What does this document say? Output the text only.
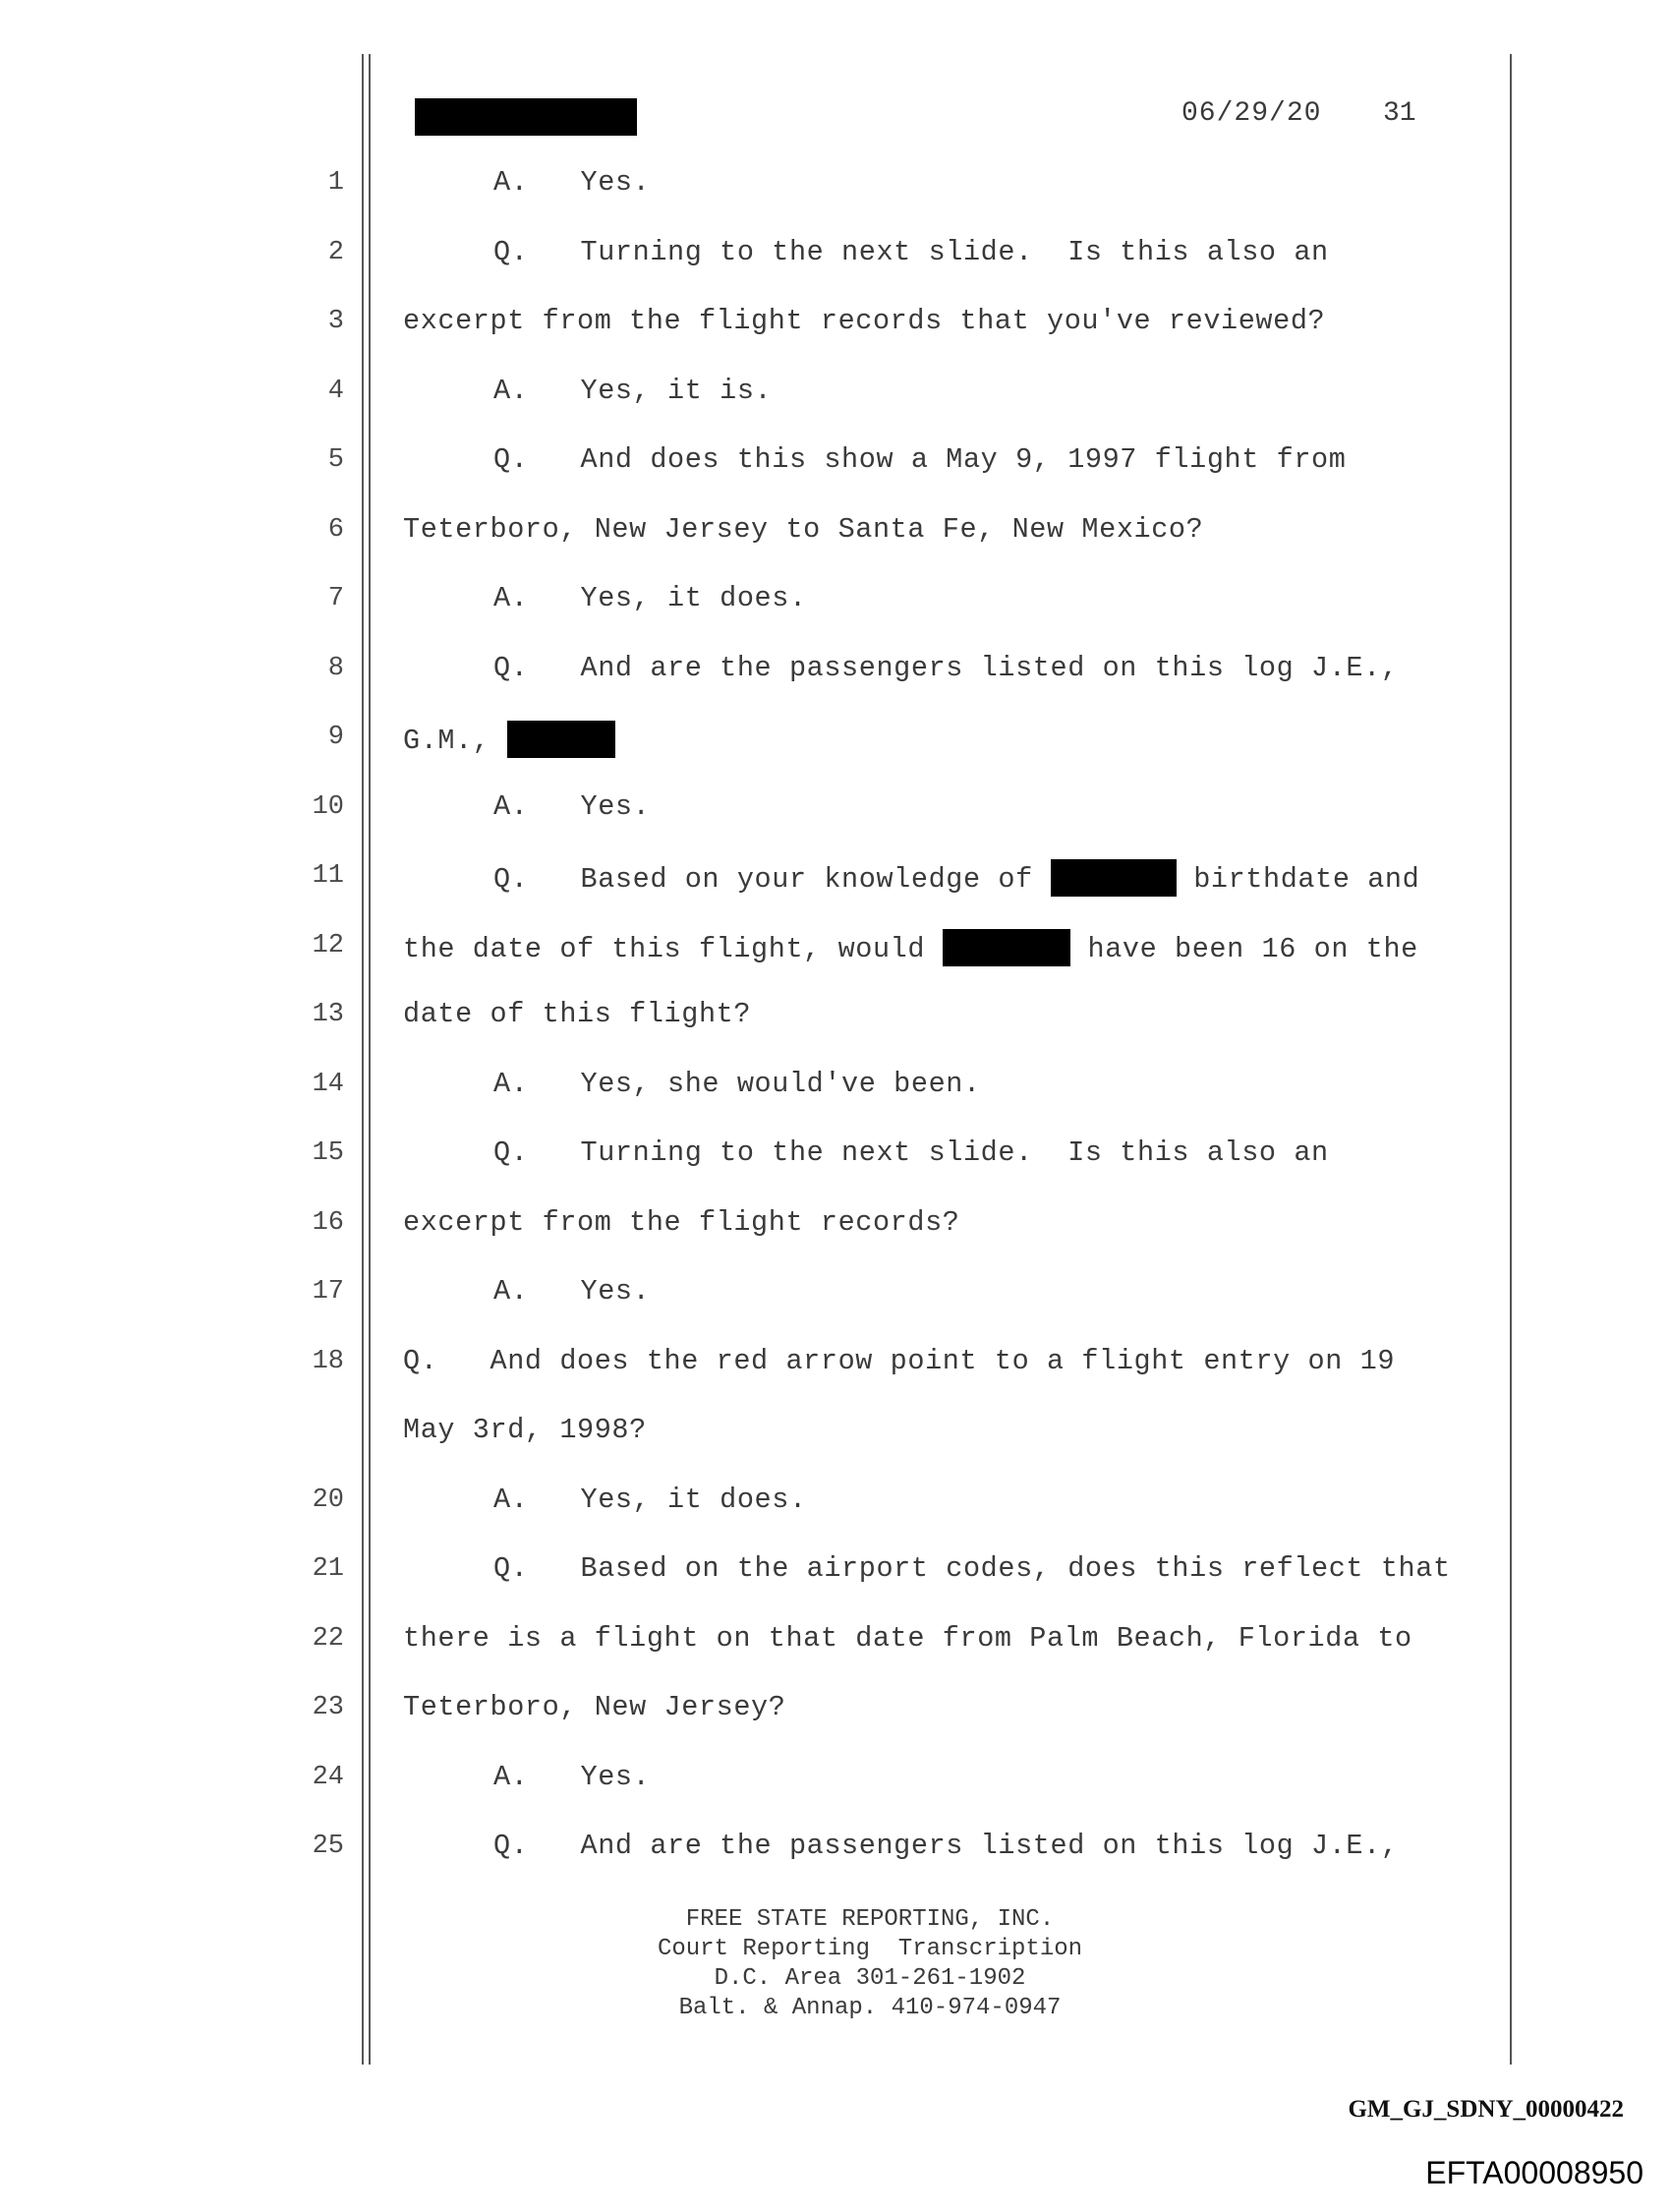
06/29/20 31
1	A.   Yes.
2	Q.   Turning to the next slide.  Is this also an
3 excerpt from the flight records that you've reviewed?
4	A.   Yes, it is.
5	Q.   And does this show a May 9, 1997 flight from
6 Teterboro, New Jersey to Santa Fe, New Mexico?
7	A.   Yes, it does.
8	Q.   And are the passengers listed on this log J.E.,
9 G.M.,
10	A.   Yes.
11	Q.   Based on your knowledge of	birthdate and
12 the date of this flight, would	have been 16 on the
13 date of this flight?
14	A.   Yes, she would've been.
15	Q.   Turning to the next slide.  Is this also an
16 excerpt from the flight records?
17	A.   Yes.
18 Q.   And does the red arrow point to a flight entry on 19
May 3rd, 1998?
20	A.   Yes, it does.
21	Q.   Based on the airport codes, does this reflect that
22 there is a flight on that date from Palm Beach, Florida to
23 Teterboro, New Jersey?
24	A.   Yes.
25	Q.   And are the passengers listed on this log J.E.,
FREE STATE REPORTING, INC.
Court Reporting  Transcription
D.C. Area 301-261-1902
Balt. & Annap. 410-974-0947
GM_GJ_SDNY_00000422
EFTA00008950
